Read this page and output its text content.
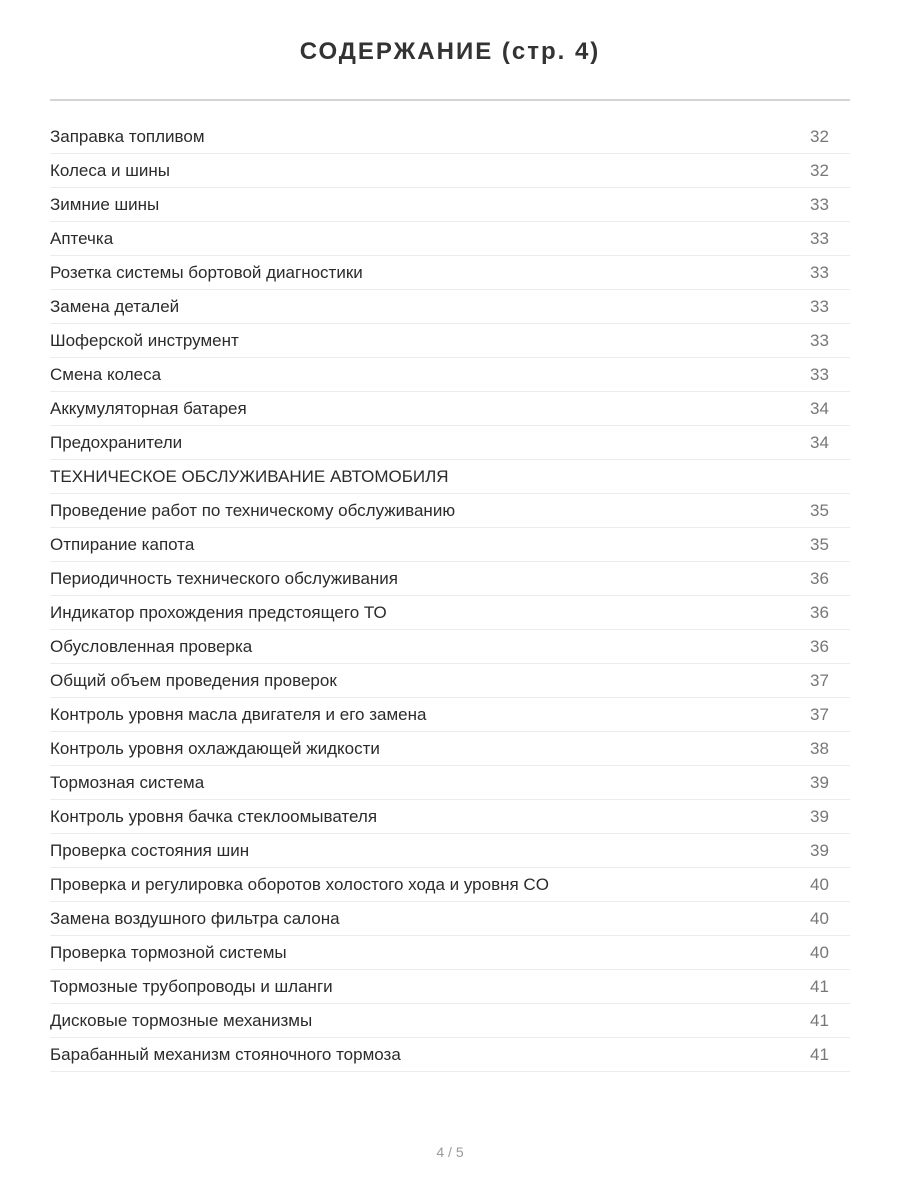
СОДЕРЖАНИЕ (стр. 4)
Заправка топливом	32
Колеса и шины	32
Зимние шины	33
Аптечка	33
Розетка системы бортовой диагностики	33
Замена деталей	33
Шоферской инструмент	33
Смена колеса	33
Аккумуляторная батарея	34
Предохранители	34
ТЕХНИЧЕСКОЕ ОБСЛУЖИВАНИЕ АВТОМОБИЛЯ
Проведение работ по техническому обслуживанию	35
Отпирание капота	35
Периодичность технического обслуживания	36
Индикатор прохождения предстоящего ТО	36
Обусловленная проверка	36
Общий объем проведения проверок	37
Контроль уровня масла двигателя и его замена	37
Контроль уровня охлаждающей жидкости	38
Тормозная система	39
Контроль уровня бачка стеклоомывателя	39
Проверка состояния шин	39
Проверка и регулировка оборотов холостого хода и уровня CO	40
Замена воздушного фильтра салона	40
Проверка тормозной системы	40
Тормозные трубопроводы и шланги	41
Дисковые тормозные механизмы	41
Барабанный механизм стояночного тормоза	41
4 / 5
